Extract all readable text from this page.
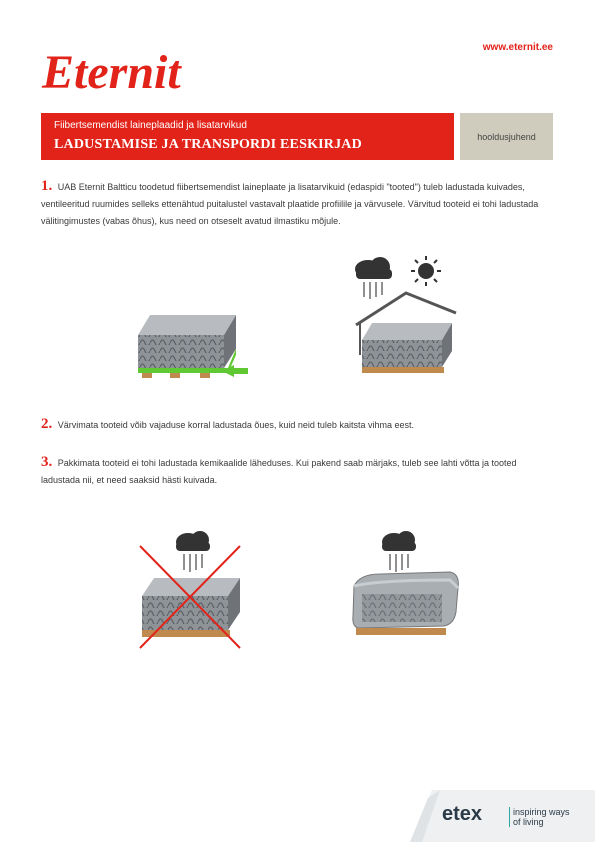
Eternit	www.eternit.ee
Fiibertsemendist laineplaadid ja lisatarvikud
LADUSTAMISE JA TRANSPORDI EESKIRJAD
hooldusjuhend
1. UAB Eternit Baltticu toodetud fiibertsemendist laineplaate ja lisatarvikuid (edaspidi "tooted") tuleb ladustada kuivades, ventileeritud ruumides selleks ettenähtud puitalustel vastavalt plaatide profiilile ja värvusele. Värvitud tooteid ei tohi ladustada välitingimustes (vabas õhus), kus need on otseselt avatud ilmastiku mõjule.
2. Värvimata tooteid võib vajaduse korral ladustada õues, kuid neid tuleb kaitsta vihma eest.
3. Pakkimata tooteid ei tohi ladustada kemikaalide läheduses. Kui pakend saab märjaks, tuleb see lahti võtta ja tooted ladustada nii, et need saaksid hästi kuivada.
etex	inspiring ways
of living
